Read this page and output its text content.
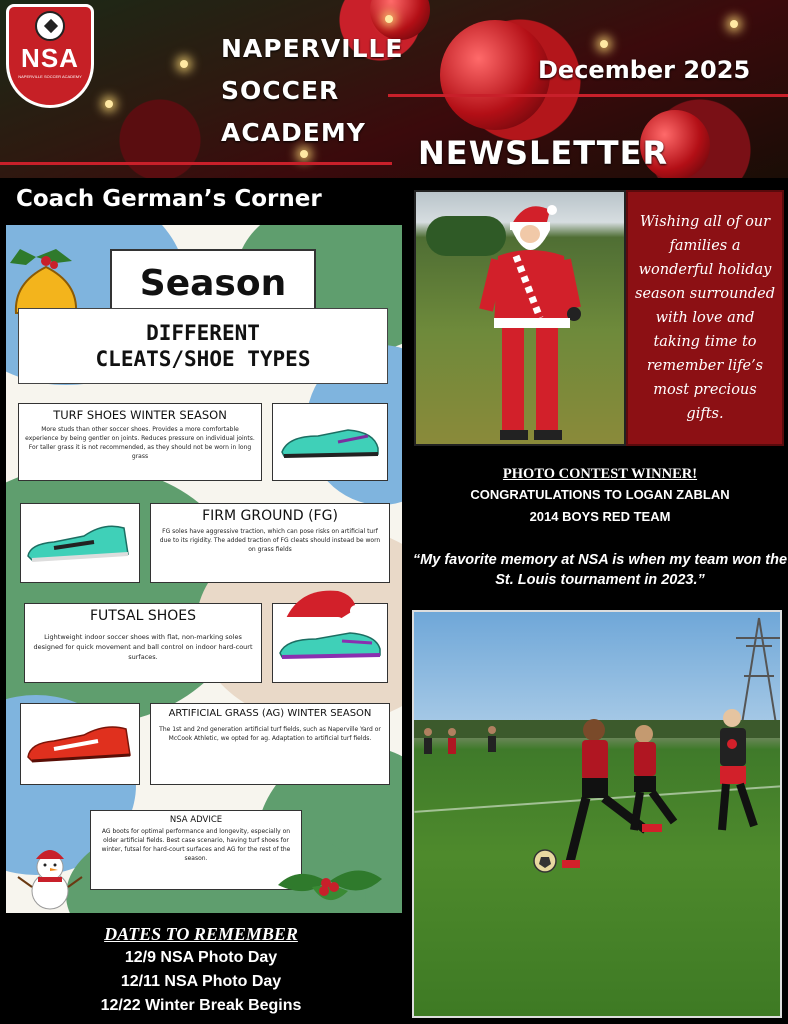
NSA
NAPERVILLE SOCCER ACADEMY
NAPERVILLE
SOCCER
ACADEMY
December 2025
NEWSLETTER
Coach German’s Corner
Season
DIFFERENT
CLEATS/SHOE TYPES
TURF SHOES WINTER SEASON
More studs than other soccer shoes. Provides a more comfortable experience by being gentler on joints. Reduces pressure on individual joints. For taller grass it is not recommended, as they should not be worn in long grass
FIRM GROUND (FG)
FG soles have aggressive traction, which can pose risks on artificial turf due to its rigidity. The added traction of FG cleats should instead be worn on grass fields
FUTSAL SHOES
Lightweight indoor soccer shoes with flat, non-marking soles designed for quick movement and ball control on indoor hard-court surfaces.
ARTIFICIAL GRASS (AG) WINTER SEASON
The 1st and 2nd generation artificial turf fields, such as Naperville Yard or McCook Athletic, we opted for ag. Adaptation to artificial turf fields.
NSA ADVICE
AG boots for optimal performance and longevity, especially on older artificial fields. Best case scenario, having turf shoes for winter, futsal for hard-court surfaces and AG for the rest of the season.
DATES TO REMEMBER
12/9 NSA Photo Day
12/11 NSA Photo Day
12/22 Winter Break Begins
Wishing all of our families a wonderful holiday season surrounded with love and taking time to remember life’s most precious gifts.
PHOTO CONTEST WINNER!
CONGRATULATIONS TO LOGAN ZABLAN
2014 BOYS RED TEAM
“My favorite memory at NSA is when my team won the St. Louis tournament in 2023.”
